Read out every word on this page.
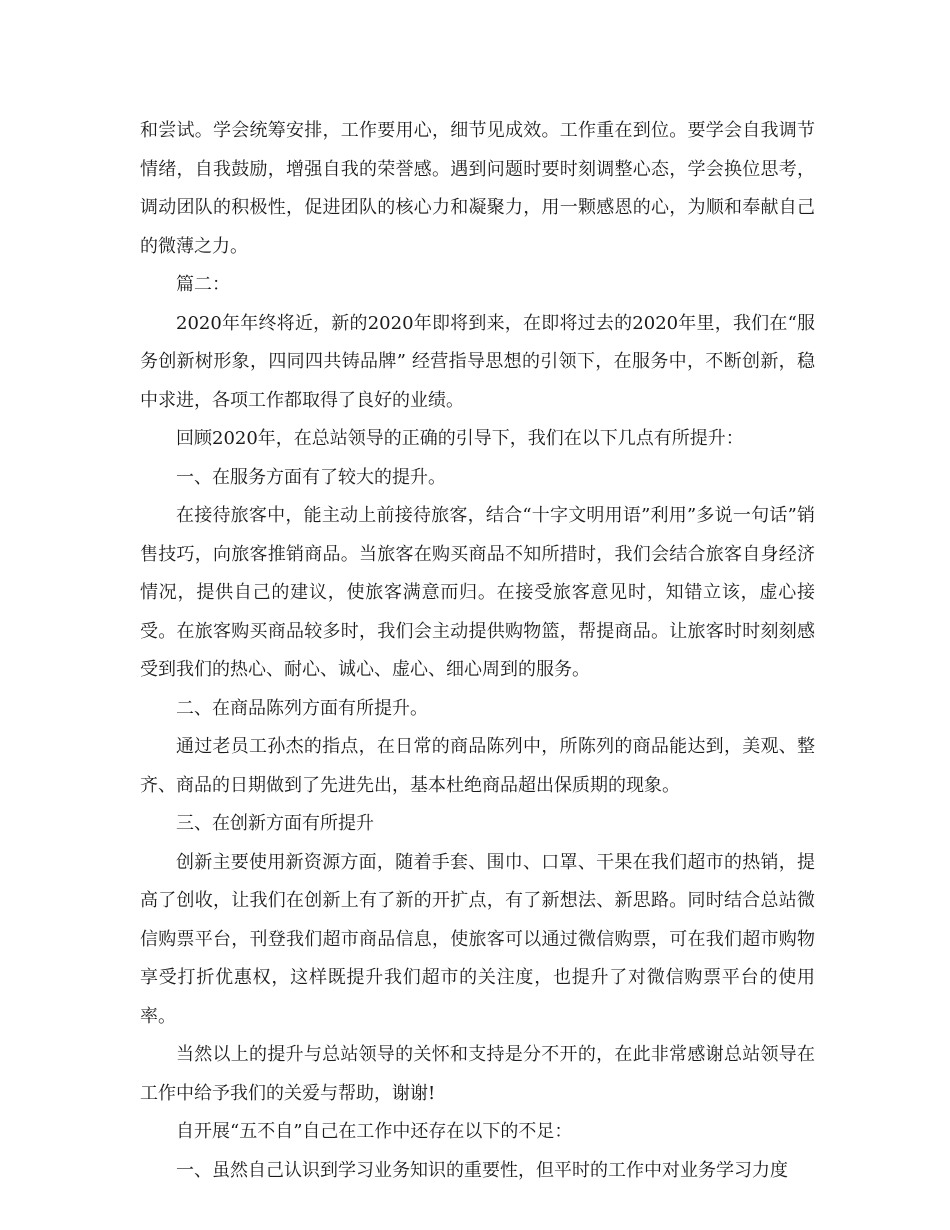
和尝试。学会统筹安排，工作要用心，细节见成效。工作重在到位。要学会自我调节情绪，自我鼓励，增强自我的荣誉感。遇到问题时要时刻调整心态，学会换位思考，调动团队的积极性，促进团队的核心力和凝聚力，用一颗感恩的心，为顺和奉献自己的微薄之力。

篇二：

2020年年终将近，新的2020年即将到来，在即将过去的2020年里，我们在“服务创新树形象，四同四共铸品牌” 经营指导思想的引领下，在服务中，不断创新，稳中求进，各项工作都取得了良好的业绩。

回顾2020年，在总站领导的正确的引导下，我们在以下几点有所提升：

一、在服务方面有了较大的提升。

在接待旅客中，能主动上前接待旅客，结合“十字文明用语”利用”多说一句话”销售技巧，向旅客推销商品。当旅客在购买商品不知所措时，我们会结合旅客自身经济情况，提供自己的建议，使旅客满意而归。在接受旅客意见时，知错立该，虚心接受。在旅客购买商品较多时，我们会主动提供购物篮，帮提商品。让旅客时时刻刻感受到我们的热心、耐心、诚心、虚心、细心周到的服务。

二、在商品陈列方面有所提升。

通过老员工孙杰的指点，在日常的商品陈列中，所陈列的商品能达到，美观、整齐、商品的日期做到了先进先出，基本杜绝商品超出保质期的现象。

三、在创新方面有所提升

创新主要使用新资源方面，随着手套、围巾、口罩、干果在我们超市的热销，提高了创收，让我们在创新上有了新的开扩点，有了新想法、新思路。同时结合总站微信购票平台，刊登我们超市商品信息，使旅客可以通过微信购票，可在我们超市购物享受打折优惠权，这样既提升我们超市的关注度，也提升了对微信购票平台的使用率。

当然以上的提升与总站领导的关怀和支持是分不开的，在此非常感谢总站领导在工作中给予我们的关爱与帮助，谢谢!

自开展“五不自”自己在工作中还存在以下的不足：

一、虽然自己认识到学习业务知识的重要性，但平时的工作中对业务学习力度
